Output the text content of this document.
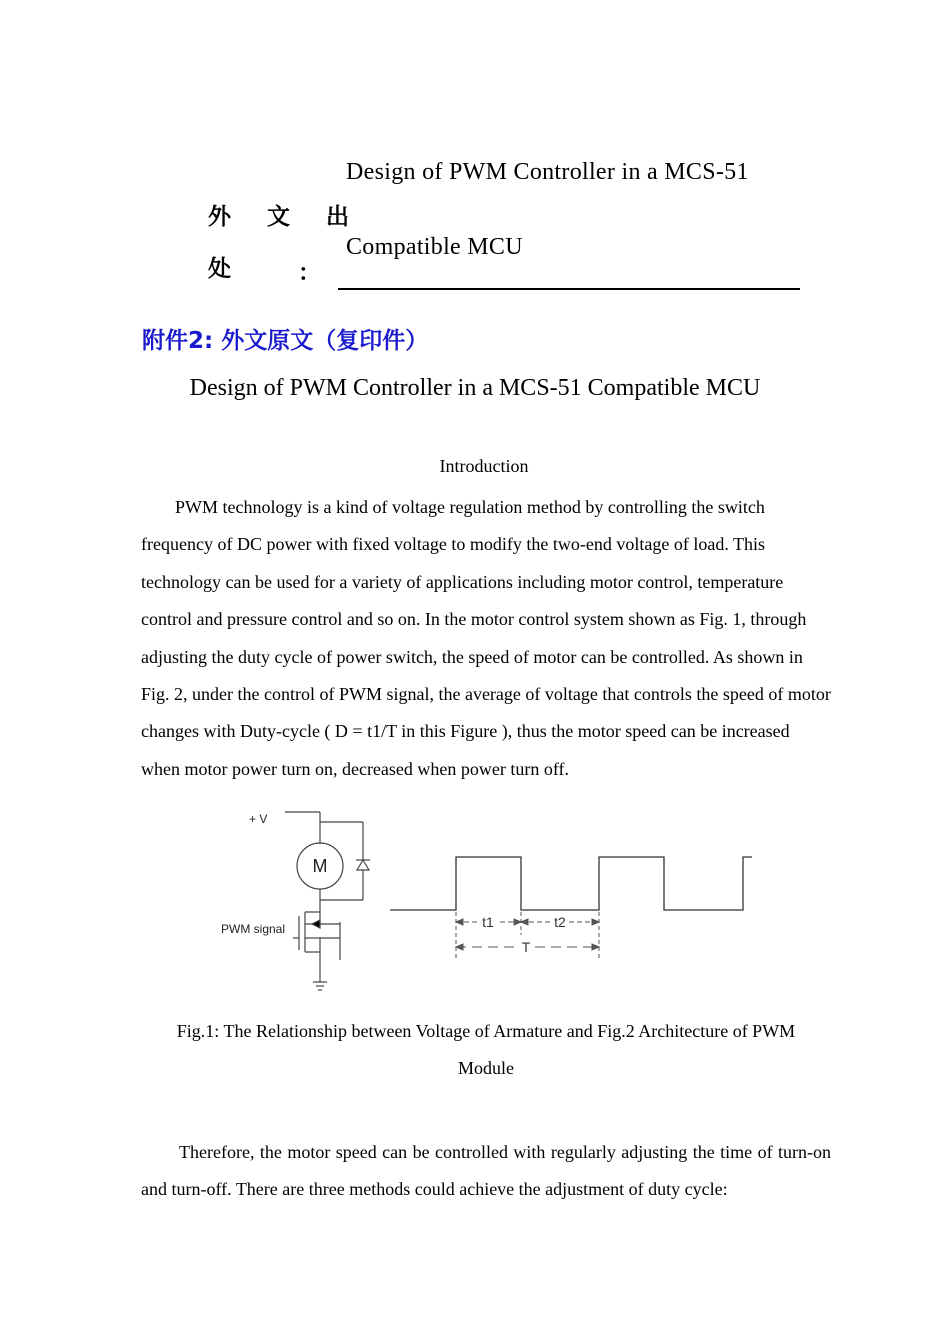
外 文 出
处	：
Design of PWM Controller in a MCS-51
Compatible MCU
附件2: 外文原文（复印件）
Design of PWM Controller in a MCS-51 Compatible MCU
Introduction

PWM technology is a kind of voltage regulation method by controlling the switch frequency of DC power with fixed voltage to modify the two-end voltage of load. This technology can be used for a variety of applications including motor control, temperature control and pressure control and so on. In the motor control system shown as Fig. 1, through adjusting the duty cycle of power switch, the speed of motor can be controlled. As shown in Fig. 2, under the control of PWM signal, the average of voltage that controls the speed of motor changes with Duty-cycle ( D = t1/T in this Figure ), thus the motor speed can be increased when motor power turn on, decreased when power turn off.

+ V
M
PWM signal	t1	t2
T
Fig.1: The Relationship between Voltage of Armature and Fig.2 Architecture of PWM
Module

Therefore, the motor speed can be controlled with regularly adjusting the time of turn-on and turn-off. There are three methods could achieve the adjustment of duty cycle:
